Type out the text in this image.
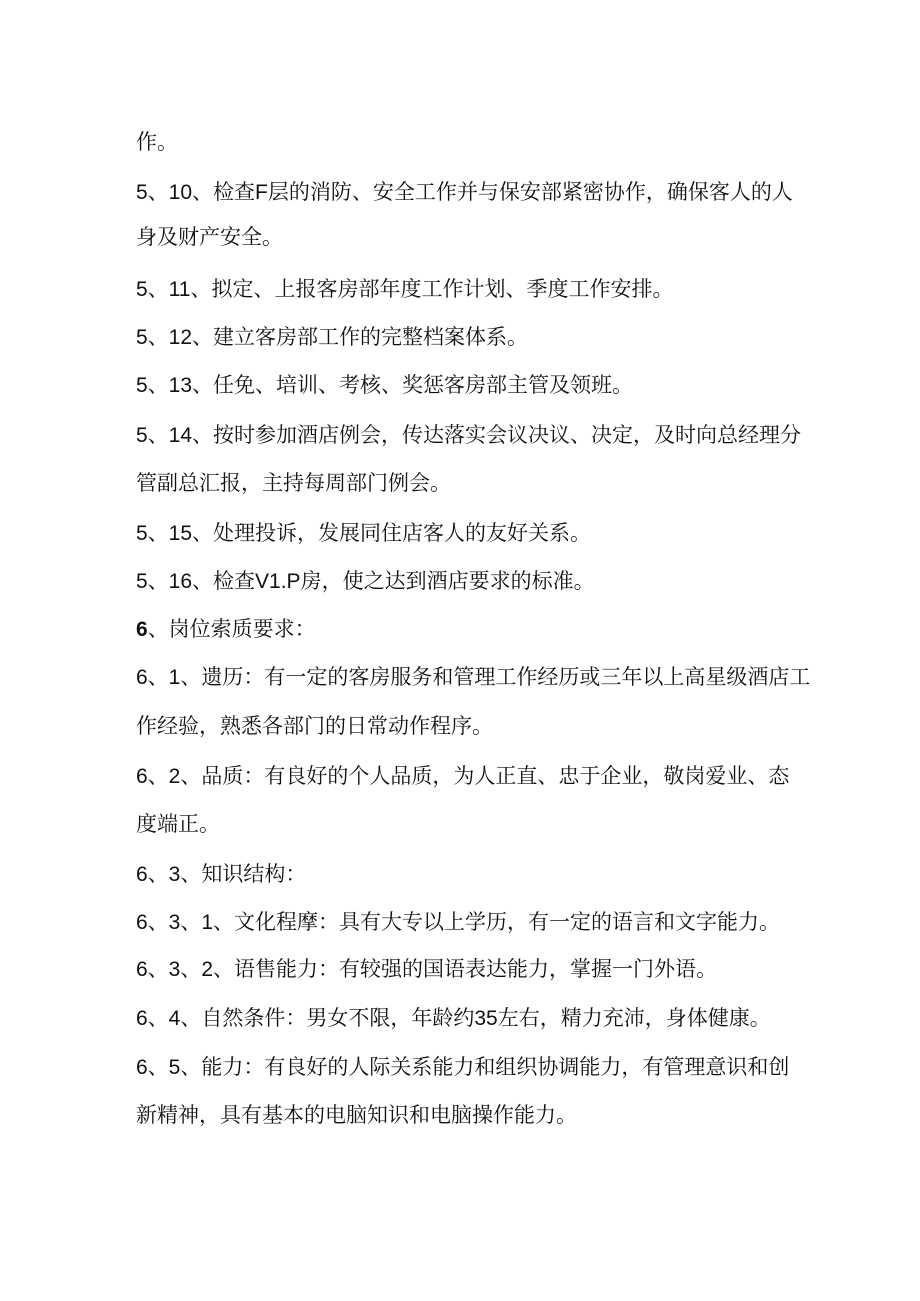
作。
5、10、检查F层的消防、安全工作并与保安部紧密协作，确保客人的人
身及财产安全。
5、11、拟定、上报客房部年度工作计划、季度工作安排。
5、12、建立客房部工作的完整档案体系。
5、13、任免、培训、考核、奖惩客房部主管及领班。
5、14、按时参加酒店例会，传达落实会议决议、决定，及时向总经理分
管副总汇报，主持每周部门例会。
5、15、处理投诉，发展同住店客人的友好关系。
5、16、检查V1.P房，使之达到酒店要求的标准。
6、岗位索质要求：
6、1、遗历：有一定的客房服务和管理工作经历或三年以上高星级酒店工
作经验，熟悉各部门的日常动作程序。
6、2、品质：有良好的个人品质，为人正直、忠于企业，敬岗爱业、态
度端正。
6、3、知识结构：
6、3、1、文化程摩：具有大专以上学历，有一定的语言和文字能力。
6、3、2、语售能力：有较强的国语表达能力，掌握一门外语。
6、4、自然条件：男女不限，年龄约35左右，精力充沛，身体健康。
6、5、能力：有良好的人际关系能力和组织协调能力，有管理意识和创
新精神，具有基本的电脑知识和电脑操作能力。
